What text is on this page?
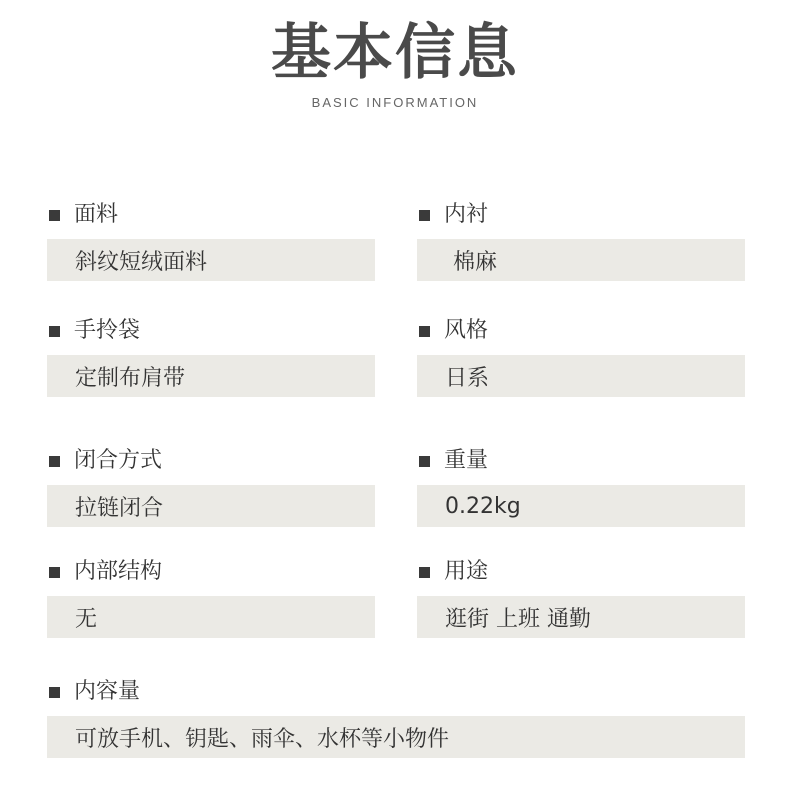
基本信息
BASIC INFORMATION
面料
斜纹短绒面料
内衬
棉麻
手拎袋
定制布肩带
风格
日系
闭合方式
拉链闭合
重量
0.22kg
内部结构
无
用途
逛街 上班 通勤
内容量
可放手机、钥匙、雨伞、水杯等小物件
